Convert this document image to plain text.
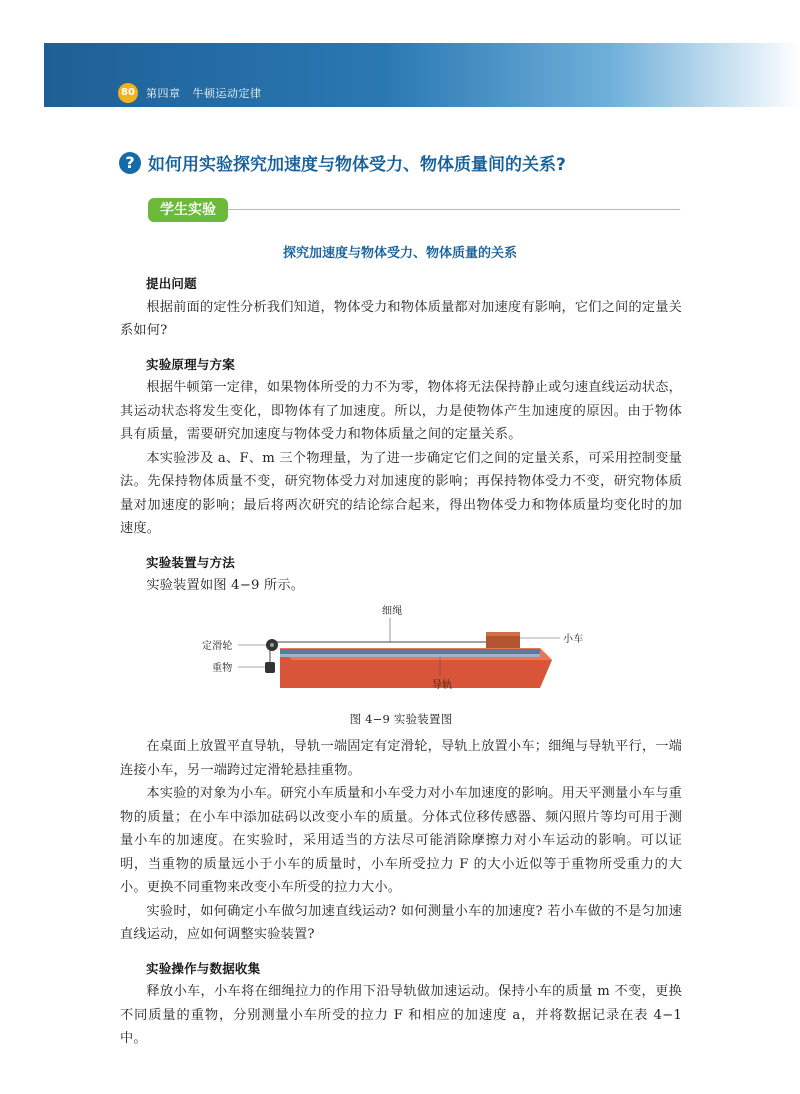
80 第四章   牛顿运动定律
? 如何用实验探究加速度与物体受力、物体质量间的关系?
学生实验
探究加速度与物体受力、物体质量的关系

提出问题

根据前面的定性分析我们知道，物体受力和物体质量都对加速度有影响，它们之间的定量关系如何?

实验原理与方案

根据牛顿第一定律，如果物体所受的力不为零，物体将无法保持静止或匀速直线运动状态，其运动状态将发生变化，即物体有了加速度。所以，力是使物体产生加速度的原因。由于物体具有质量，需要研究加速度与物体受力和物体质量之间的定量关系。

本实验涉及 a、F、m 三个物理量，为了进一步确定它们之间的定量关系，可采用控制变量法。先保持物体质量不变，研究物体受力对加速度的影响；再保持物体受力不变，研究物体质量对加速度的影响；最后将两次研究的结论综合起来，得出物体受力和物体质量均变化时的加速度。

实验装置与方法

实验装置如图 4−9 所示。

细绳
定滑轮
重物
小车
导轨

图 4−9 实验装置图

在桌面上放置平直导轨，导轨一端固定有定滑轮，导轨上放置小车；细绳与导轨平行，一端连接小车，另一端跨过定滑轮悬挂重物。

本实验的对象为小车。研究小车质量和小车受力对小车加速度的影响。用天平测量小车与重物的质量；在小车中添加砝码以改变小车的质量。分体式位移传感器、频闪照片等均可用于测量小车的加速度。在实验时，采用适当的方法尽可能消除摩擦力对小车运动的影响。可以证明，当重物的质量远小于小车的质量时，小车所受拉力 F 的大小近似等于重物所受重力的大小。更换不同重物来改变小车所受的拉力大小。

实验时，如何确定小车做匀加速直线运动? 如何测量小车的加速度? 若小车做的不是匀加速直线运动，应如何调整实验装置?

实验操作与数据收集

释放小车，小车将在细绳拉力的作用下沿导轨做加速运动。保持小车的质量 m 不变，更换不同质量的重物，分别测量小车所受的拉力 F 和相应的加速度 a，并将数据记录在表 4−1 中。
